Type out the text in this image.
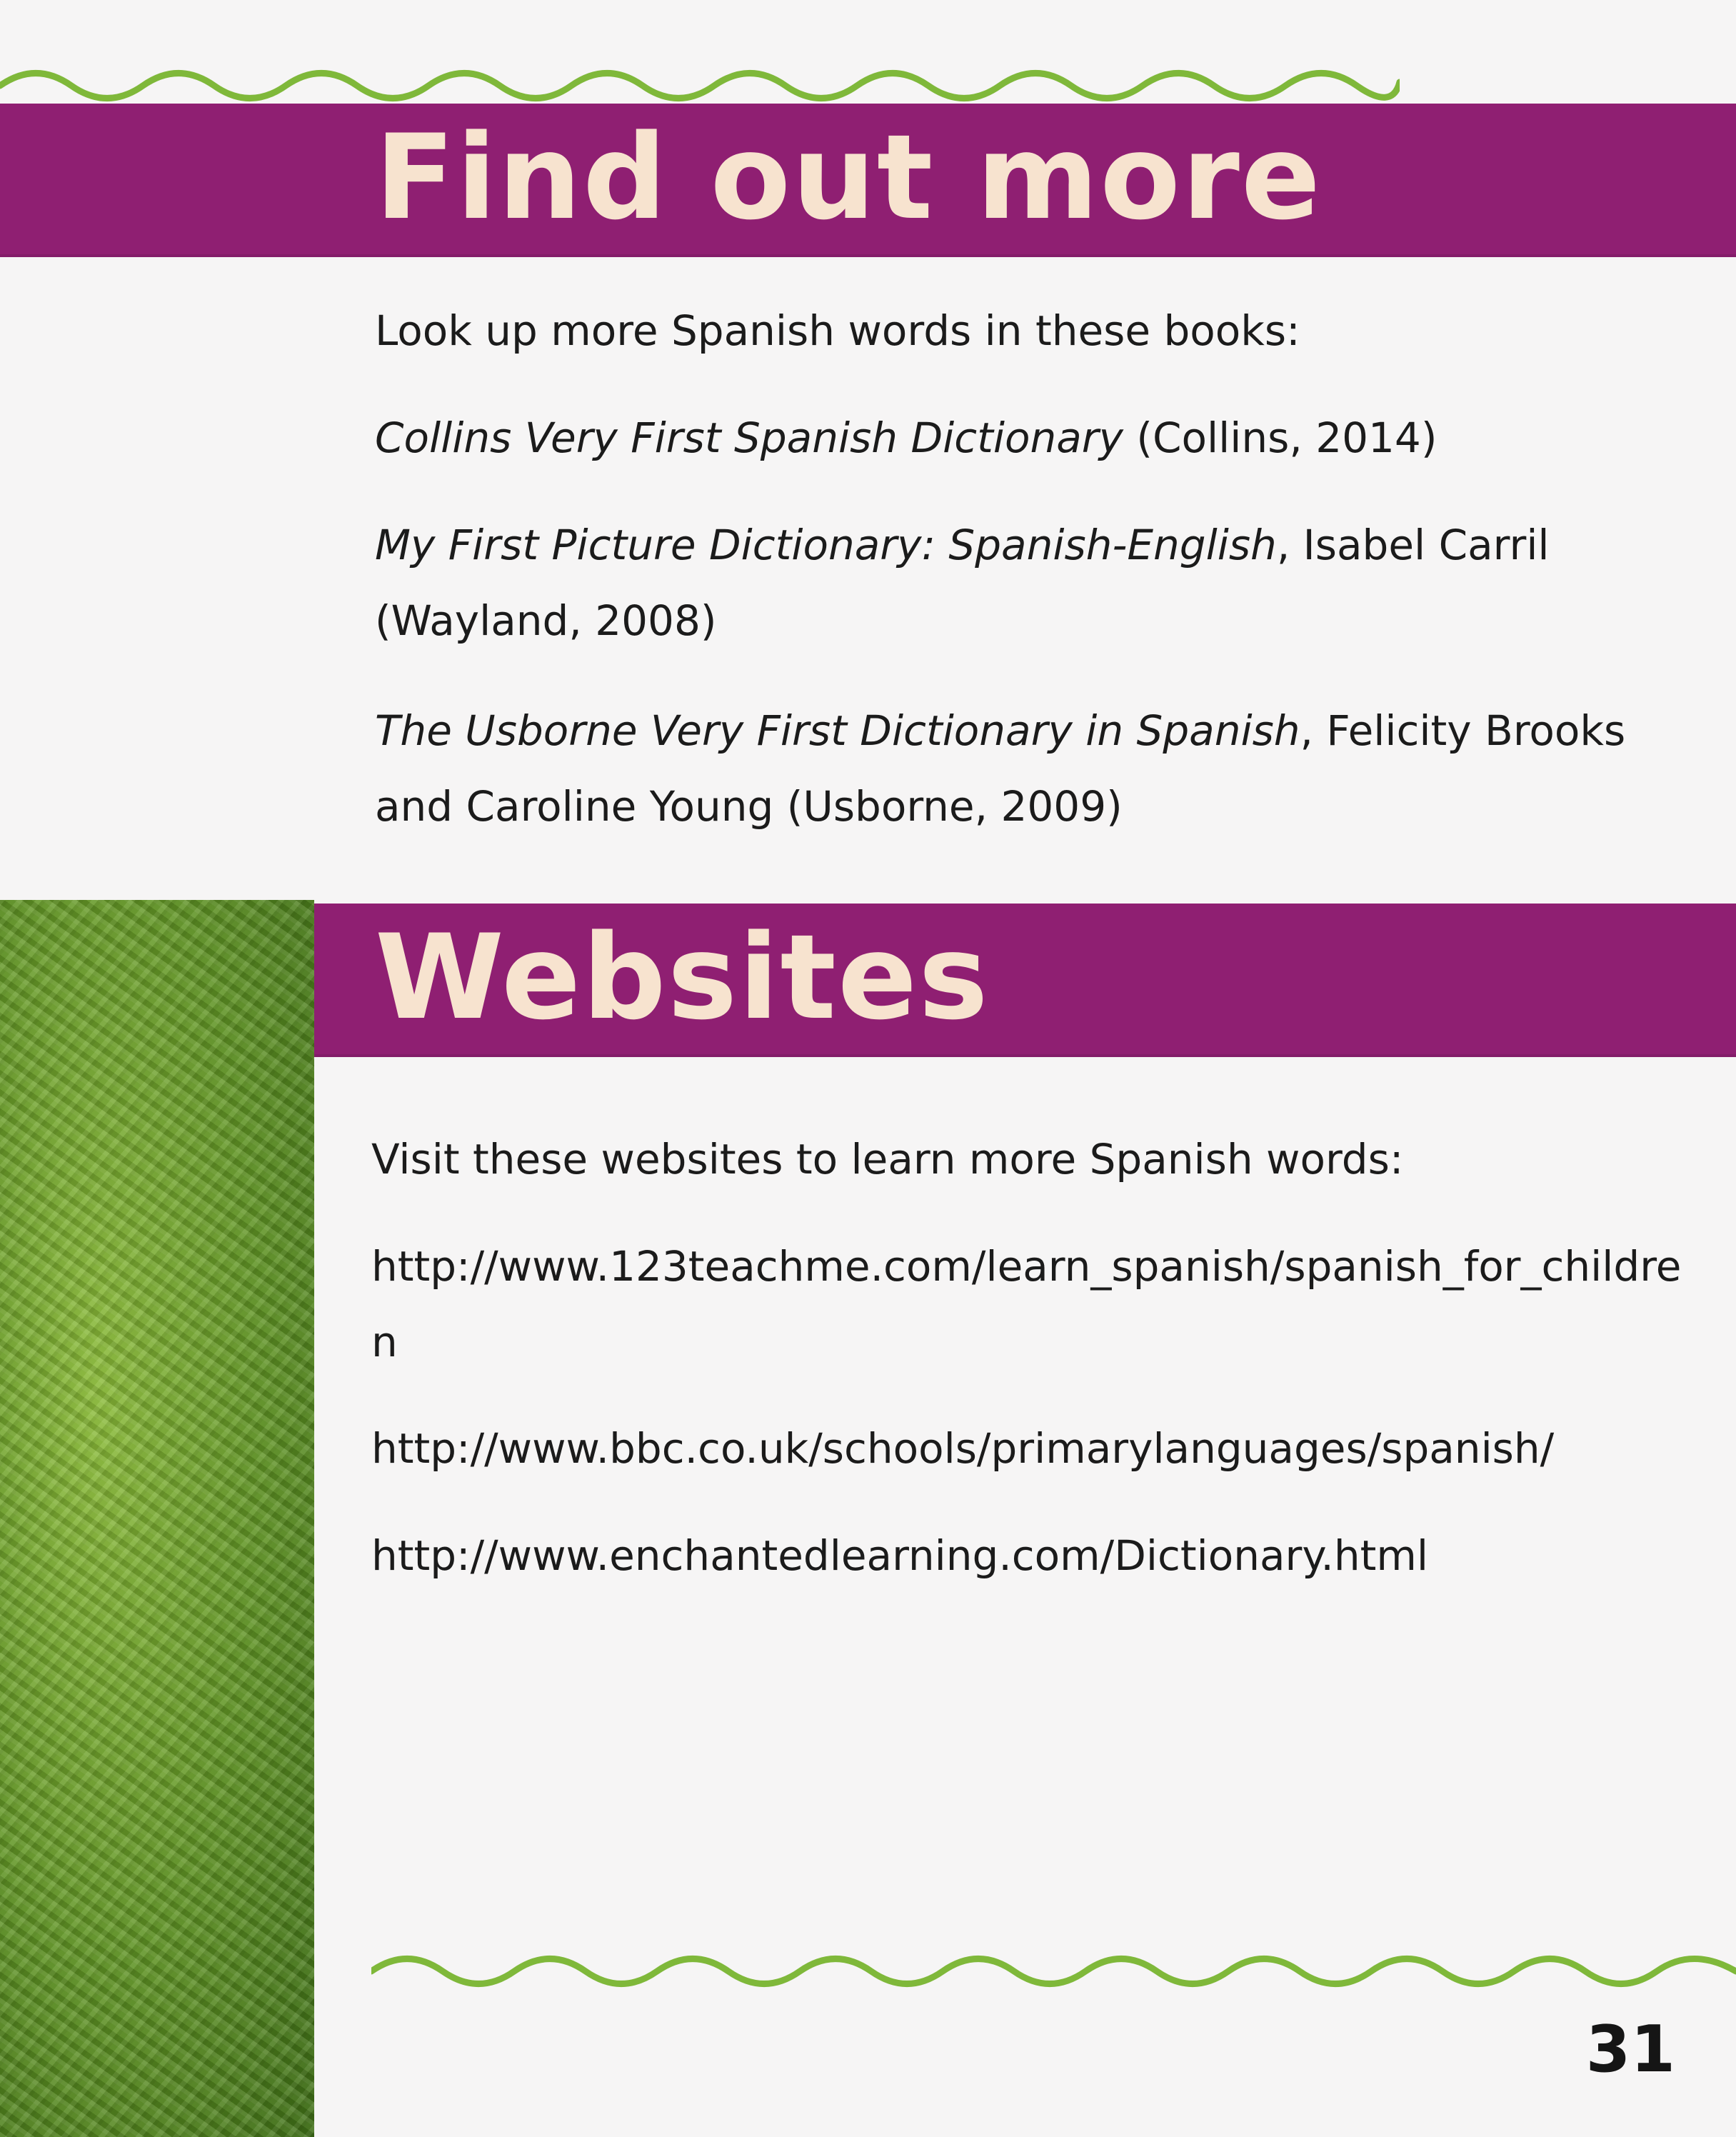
Find out more
Look up more Spanish words in these books:
Collins Very First Spanish Dictionary (Collins, 2014)
My First Picture Dictionary: Spanish-English, Isabel Carril (Wayland, 2008)
The Usborne Very First Dictionary in Spanish, Felicity Brooks and Caroline Young (Usborne, 2009)
Websites
Visit these websites to learn more Spanish words:
http://www.123teachme.com/learn_spanish/spanish_for_children
http://www.bbc.co.uk/schools/primarylanguages/spanish/
http://www.enchantedlearning.com/Dictionary.html
31
